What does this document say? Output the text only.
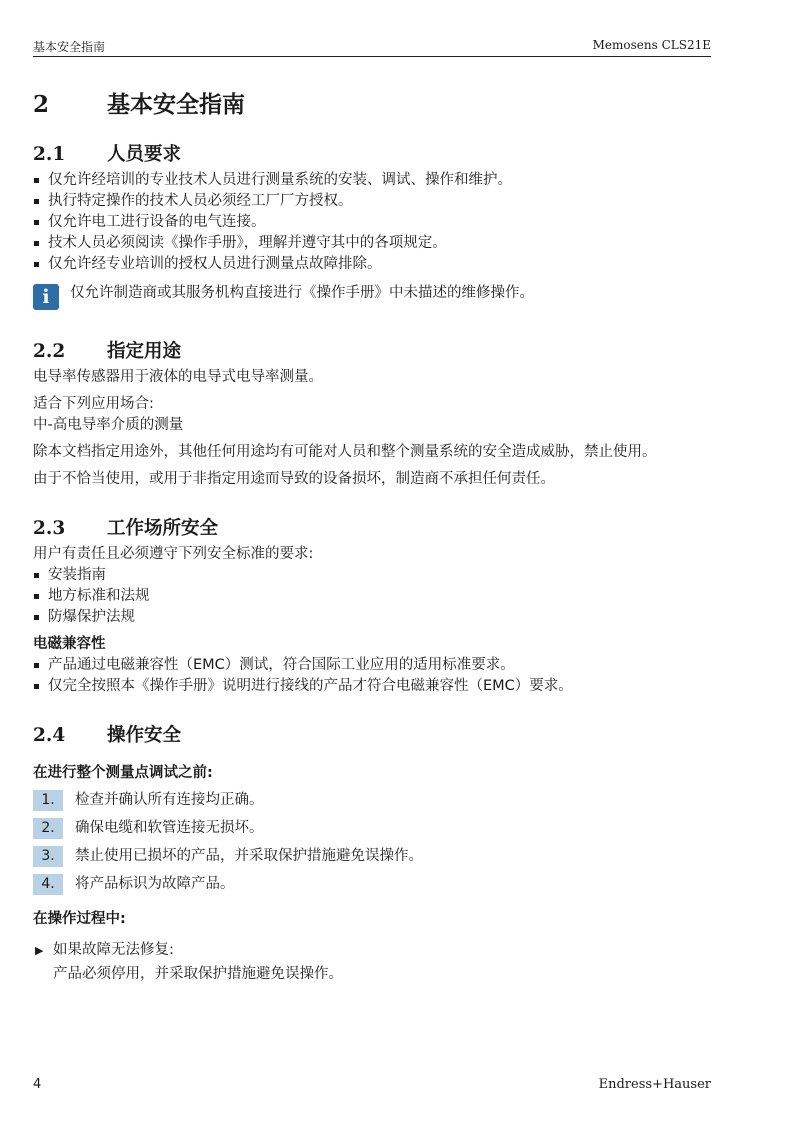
基本安全指南	Memosens CLS21E
2	基本安全指南
2.1 人员要求
仅允许经培训的专业技术人员进行测量系统的安装、调试、操作和维护。
执行特定操作的技术人员必须经工厂厂方授权。
仅允许电工进行设备的电气连接。
技术人员必须阅读《操作手册》，理解并遵守其中的各项规定。
仅允许经专业培训的授权人员进行测量点故障排除。
i	仅允许制造商或其服务机构直接进行《操作手册》中未描述的维修操作。
2.2 指定用途

电导率传感器用于液体的电导式电导率测量。

适合下列应用场合:

中-高电导率介质的测量

除本文档指定用途外，其他任何用途均有可能对人员和整个测量系统的安全造成威胁，禁止使用。

由于不恰当使用，或用于非指定用途而导致的设备损坏，制造商不承担任何责任。

2.3 工作场所安全

用户有责任且必须遵守下列安全标准的要求:

安装指南
地方标准和法规
防爆保护法规

电磁兼容性

产品通过电磁兼容性（EMC）测试，符合国际工业应用的适用标准要求。
仅完全按照本《操作手册》说明进行接线的产品才符合电磁兼容性（EMC）要求。
2.4 操作安全

在进行整个测量点调试之前:

1.	检查并确认所有连接均正确。
2.	确保电缆和软管连接无损坏。
3.	禁止使用已损坏的产品，并采取保护措施避免误操作。
4.	将产品标识为故障产品。

在操作过程中:

▶ 如果故障无法修复:
产品必须停用，并采取保护措施避免误操作。
4	Endress+Hauser
